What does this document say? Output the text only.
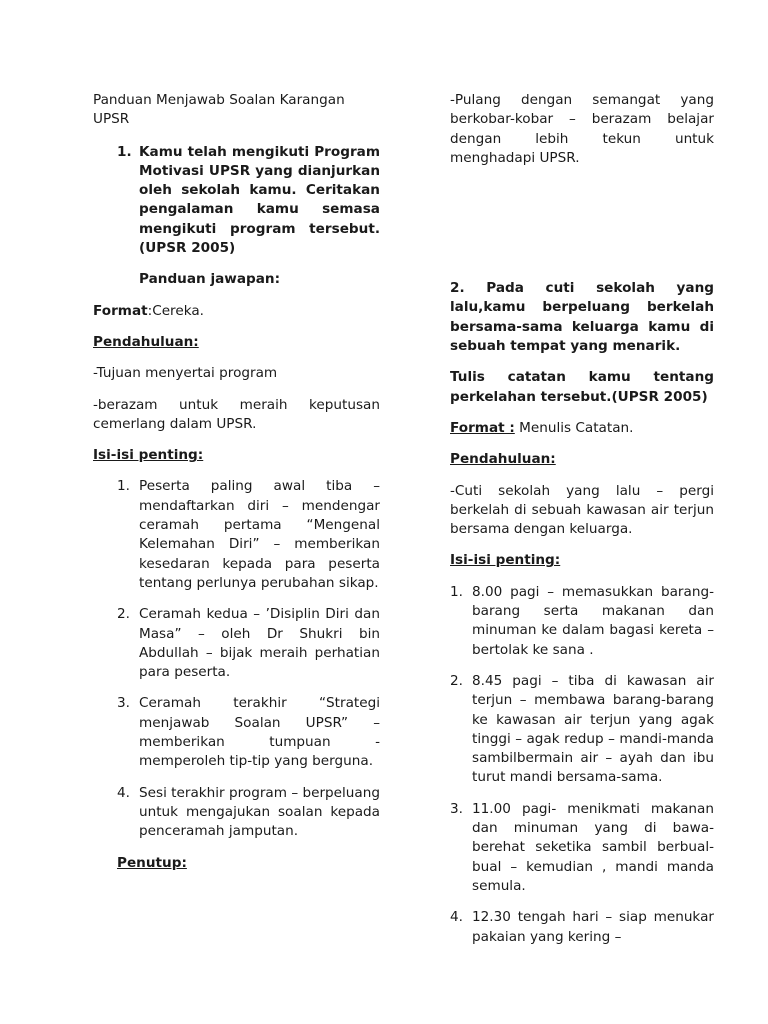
Panduan Menjawab Soalan Karangan UPSR

1. Kamu telah mengikuti Program Motivasi UPSR yang dianjurkan oleh sekolah kamu. Ceritakan pengalaman kamu semasa mengikuti program tersebut.(UPSR 2005)

Panduan jawapan:

Format:Cereka.

Pendahuluan:

-Tujuan menyertai program

-berazam untuk meraih keputusan cemerlang dalam UPSR.

Isi-isi penting:

1. Peserta paling awal tiba – mendaftarkan diri – mendengar ceramah pertama “Mengenal Kelemahan Diri” – memberikan kesedaran kepada para peserta tentang perlunya perubahan sikap.
2. Ceramah kedua – ’Disiplin Diri dan Masa” – oleh Dr Shukri bin Abdullah – bijak meraih perhatian para peserta.
3. Ceramah terakhir “Strategi menjawab Soalan UPSR” – memberikan tumpuan - memperoleh tip-tip yang berguna.
4. Sesi terakhir program – berpeluang untuk mengajukan soalan kepada penceramah jamputan.

Penutup:

-Pulang dengan semangat yang berkobar-kobar – berazam belajar dengan lebih tekun untuk menghadapi UPSR.

2. Pada cuti sekolah yang lalu,kamu berpeluang berkelah bersama-sama keluarga kamu di sebuah tempat yang menarik.

Tulis catatan kamu tentang perkelahan tersebut.(UPSR 2005)

Format : Menulis Catatan.

Pendahuluan:

-Cuti sekolah yang lalu – pergi berkelah di sebuah kawasan air terjun bersama dengan keluarga.

Isi-isi penting:

1. 8.00 pagi – memasukkan barang-barang serta makanan dan minuman ke dalam bagasi kereta – bertolak ke sana .
2. 8.45 pagi – tiba di kawasan air terjun – membawa barang-barang ke kawasan air terjun yang agak tinggi – agak redup – mandi-manda sambilbermain air – ayah dan ibu turut mandi bersama-sama.
3. 11.00 pagi- menikmati makanan dan minuman yang di bawa-berehat seketika sambil berbual-bual – kemudian , mandi manda semula.
4. 12.30 tengah hari – siap menukar pakaian yang kering –
